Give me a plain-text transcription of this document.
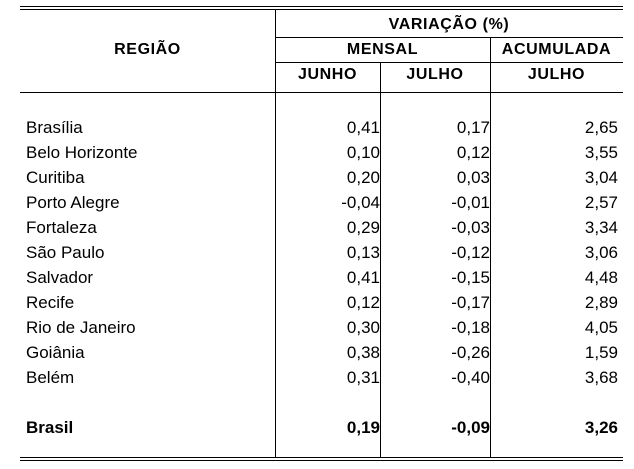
REGIÃO
VARIAÇÃO (%)
MENSAL	ACUMULADA
JUNHO	JULHO	JULHO
Brasília	0,41	0,17	2,65
Belo Horizonte	0,10	0,12	3,55
Curitiba	0,20	0,03	3,04
Porto Alegre	-0,04	-0,01	2,57
Fortaleza	0,29	-0,03	3,34
São Paulo	0,13	-0,12	3,06
Salvador	0,41	-0,15	4,48
Recife	0,12	-0,17	2,89
Rio de Janeiro	0,30	-0,18	4,05
Goiânia	0,38	-0,26	1,59
Belém	0,31	-0,40	3,68
Brasil	0,19	-0,09	3,26
